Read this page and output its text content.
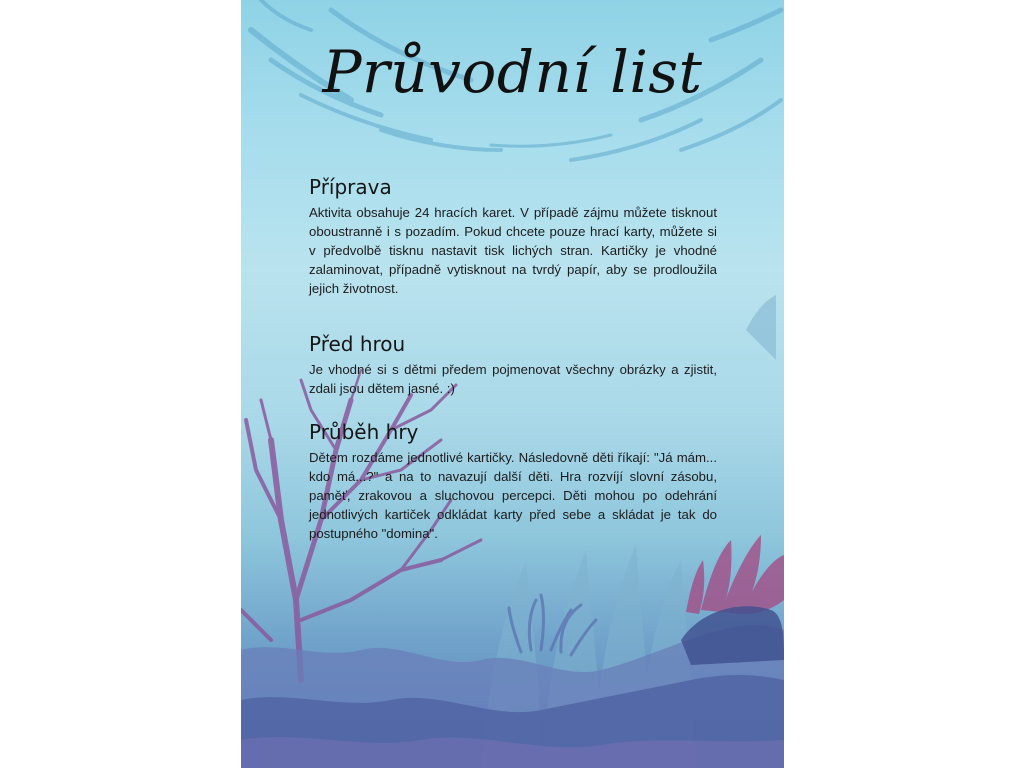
Průvodní list
Příprava

Aktivita obsahuje 24 hracích karet. V případě zájmu můžete tisknout oboustranně i s pozadím. Pokud chcete pouze hrací karty, můžete si v předvolbě tisknu nastavit tisk lichých stran. Kartičky je vhodné zalaminovat, případně vytisknout na tvrdý papír, aby se prodloužila jejich životnost.

Před hrou

Je vhodné si s dětmi předem pojmenovat všechny obrázky a zjistit, zdali jsou dětem jasné. :)

Průběh hry

Dětem rozdáme jednotlivé kartičky. Následovně děti říkají: "Já mám... kdo má...?" a na to navazují další děti. Hra rozvíjí slovní zásobu, paměť, zrakovou a sluchovou percepci. Děti mohou po odehrání jednotlivých kartiček odkládat karty před sebe a skládat je tak do postupného "domina".
